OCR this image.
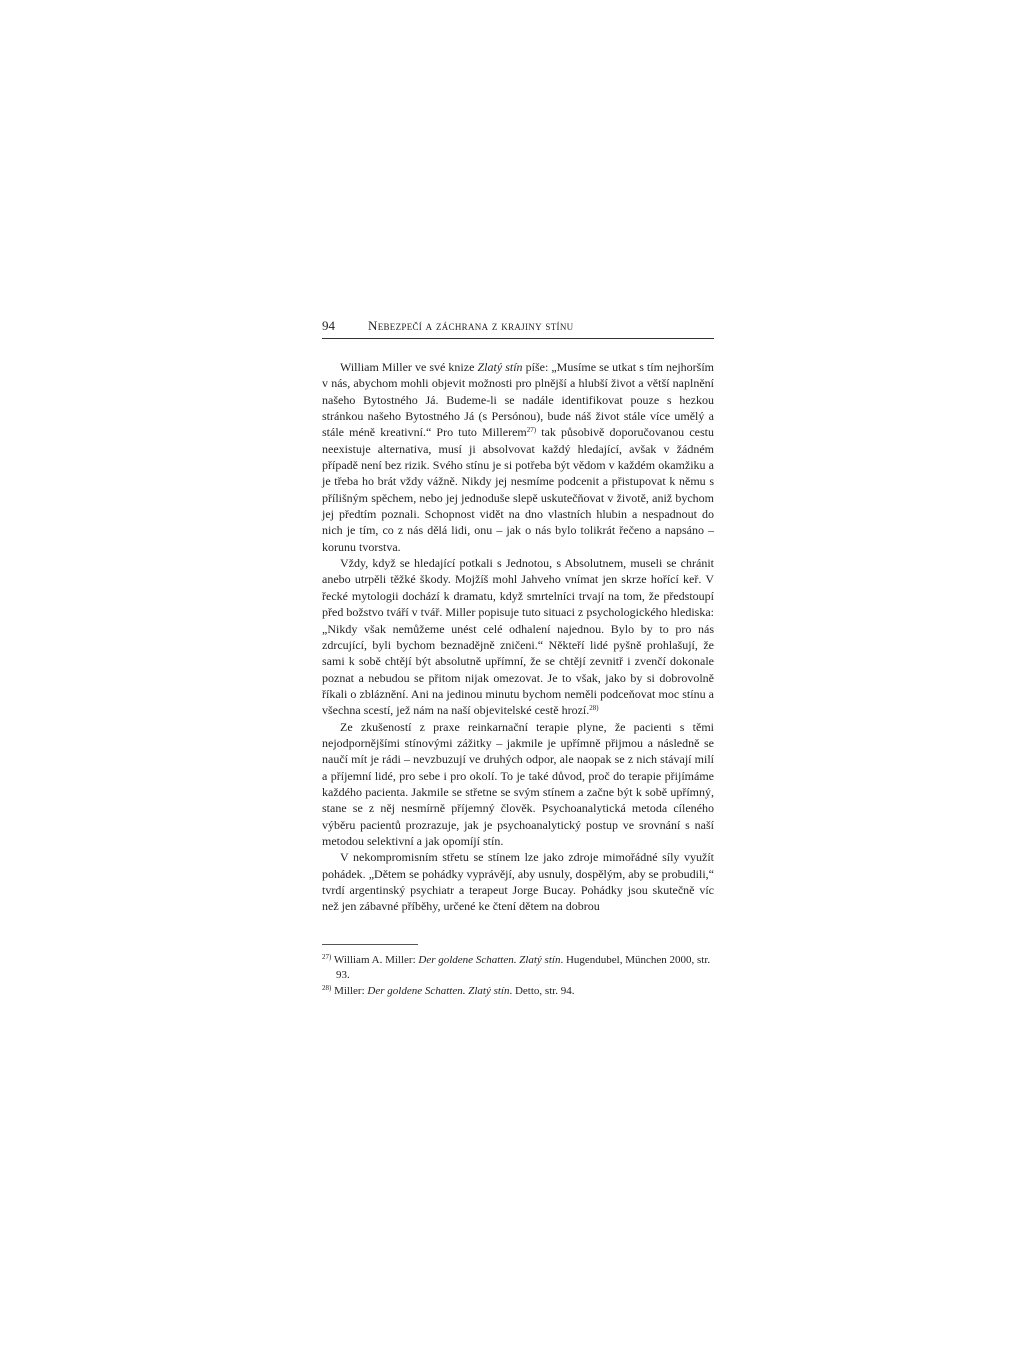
94	Nebezpečí a záchrana z krajiny stínu

William Miller ve své knize Zlatý stín píše: „Musíme se utkat s tím nejhorším v nás, abychom mohli objevit možnosti pro plnější a hlubší život a větší naplnění našeho Bytostného Já. Budeme-li se nadále identifikovat pouze s hezkou stránkou našeho Bytostného Já (s Persónou), bude náš život stále více umělý a stále méně kreativní.“ Pro tuto Millerem$^{27)}$ tak působivě doporučovanou cestu neexistuje alternativa, musí ji absolvovat každý hledající, avšak v žádném případě není bez rizik. Svého stínu je si potřeba být vědom v každém okamžiku a je třeba ho brát vždy vážně. Nikdy jej nesmíme podcenit a přistupovat k němu s přílišným spěchem, nebo jej jednoduše slepě uskutečňovat v životě, aniž bychom jej předtím poznali. Schopnost vidět na dno vlastních hlubin a nespadnout do nich je tím, co z nás dělá lidi, onu – jak o nás bylo tolikrát řečeno a napsáno – korunu tvorstva.

Vždy, když se hledající potkali s Jednotou, s Absolutnem, museli se chránit anebo utrpěli těžké škody. Mojžíš mohl Jahveho vnímat jen skrze hořící keř. V řecké mytologii dochází k dramatu, když smrtelníci trvají na tom, že předstoupí před božstvo tváří v tvář. Miller popisuje tuto situaci z psychologického hlediska: „Nikdy však nemůžeme unést celé odhalení najednou. Bylo by to pro nás zdrcující, byli bychom beznadějně zničeni.“ Někteří lidé pyšně prohlašují, že sami k sobě chtějí být absolutně upřímní, že se chtějí zevnitř i zvenčí dokonale poznat a nebudou se přitom nijak omezovat. Je to však, jako by si dobrovolně říkali o zbláznění. Ani na jedinou minutu bychom neměli podceňovat moc stínu a všechna scestí, jež nám na naší objevitelské cestě hrozí.$^{28)}$

Ze zkušeností z praxe reinkarnační terapie plyne, že pacienti s těmi nejodpornějšími stínovými zážitky – jakmile je upřímně přijmou a následně se naučí mít je rádi – nevzbuzují ve druhých odpor, ale naopak se z nich stávají milí a příjemní lidé, pro sebe i pro okolí. To je také důvod, proč do terapie přijímáme každého pacienta. Jakmile se střetne se svým stínem a začne být k sobě upřímný, stane se z něj nesmírně příjemný člověk. Psychoanalytická metoda cíleného výběru pacientů prozrazuje, jak je psychoanalytický postup ve srovnání s naší metodou selektivní a jak opomíjí stín.

V nekompromisním střetu se stínem lze jako zdroje mimořádné síly využít pohádek. „Dětem se pohádky vyprávějí, aby usnuly, dospělým, aby se probudili,“ tvrdí argentinský psychiatr a terapeut Jorge Bucay. Pohádky jsou skutečně víc než jen zábavné příběhy, určené ke čtení dětem na dobrou

$^{27)}$ William A. Miller: Der goldene Schatten. Zlatý stín. Hugendubel, München 2000, str. 93.

$^{28)}$ Miller: Der goldene Schatten. Zlatý stín. Detto, str. 94.
